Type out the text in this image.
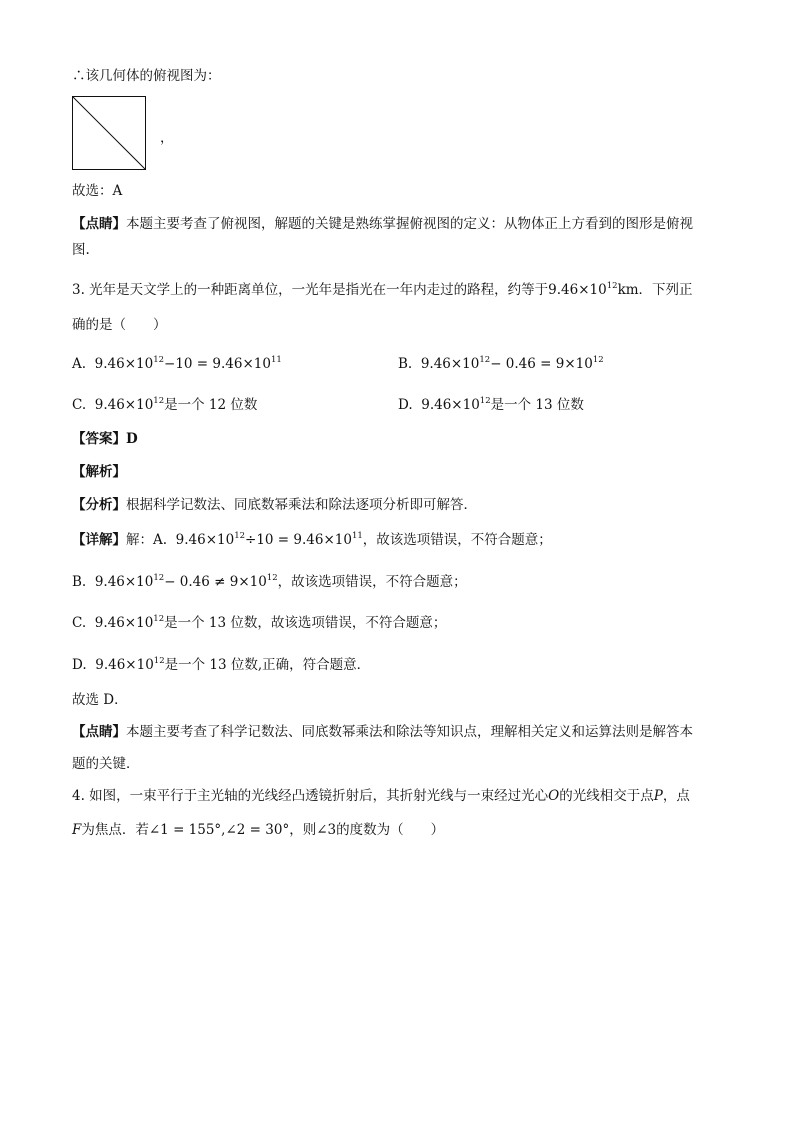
∴该几何体的俯视图为：
，
故选：A
【点睛】本题主要考查了俯视图，解题的关键是熟练掌握俯视图的定义：从物体正上方看到的图形是俯视
图.
3. 光年是天文学上的一种距离单位，一光年是指光在一年内走过的路程，约等于$9.46\times 10^{12}km$．下列正
确的是（　　）
A. $9.46\times 10^{12}-10 = 9.46\times 10^{11}$	B. $9.46\times 10^{12}- 0.46 = 9\times 10^{12}$
C. $9.46\times 10^{12}$是一个 12 位数	D. $9.46\times 10^{12}$是一个 13 位数
【答案】D
【解析】
【分析】根据科学记数法、同底数幂乘法和除法逐项分析即可解答．
【详解】解：A. $9.46\times 10^{12}\div 10 = 9.46\times 10^{11}$，故该选项错误，不符合题意；
B. $9.46\times 10^{12}- 0.46 \ne 9\times 10^{12}$，故该选项错误，不符合题意；
C. $9.46\times 10^{12}$是一个 13 位数，故该选项错误，不符合题意；
D. $9.46\times 10^{12}$是一个 13 位数,正确，符合题意．
故选 D．
【点睛】本题主要考查了科学记数法、同底数幂乘法和除法等知识点，理解相关定义和运算法则是解答本
题的关键．
4. 如图，一束平行于主光轴的光线经凸透镜折射后，其折射光线与一束经过光心O的光线相交于点P，点
F为焦点．若∠1 = 155°,∠2 = 30°，则∠3的度数为（　　）
